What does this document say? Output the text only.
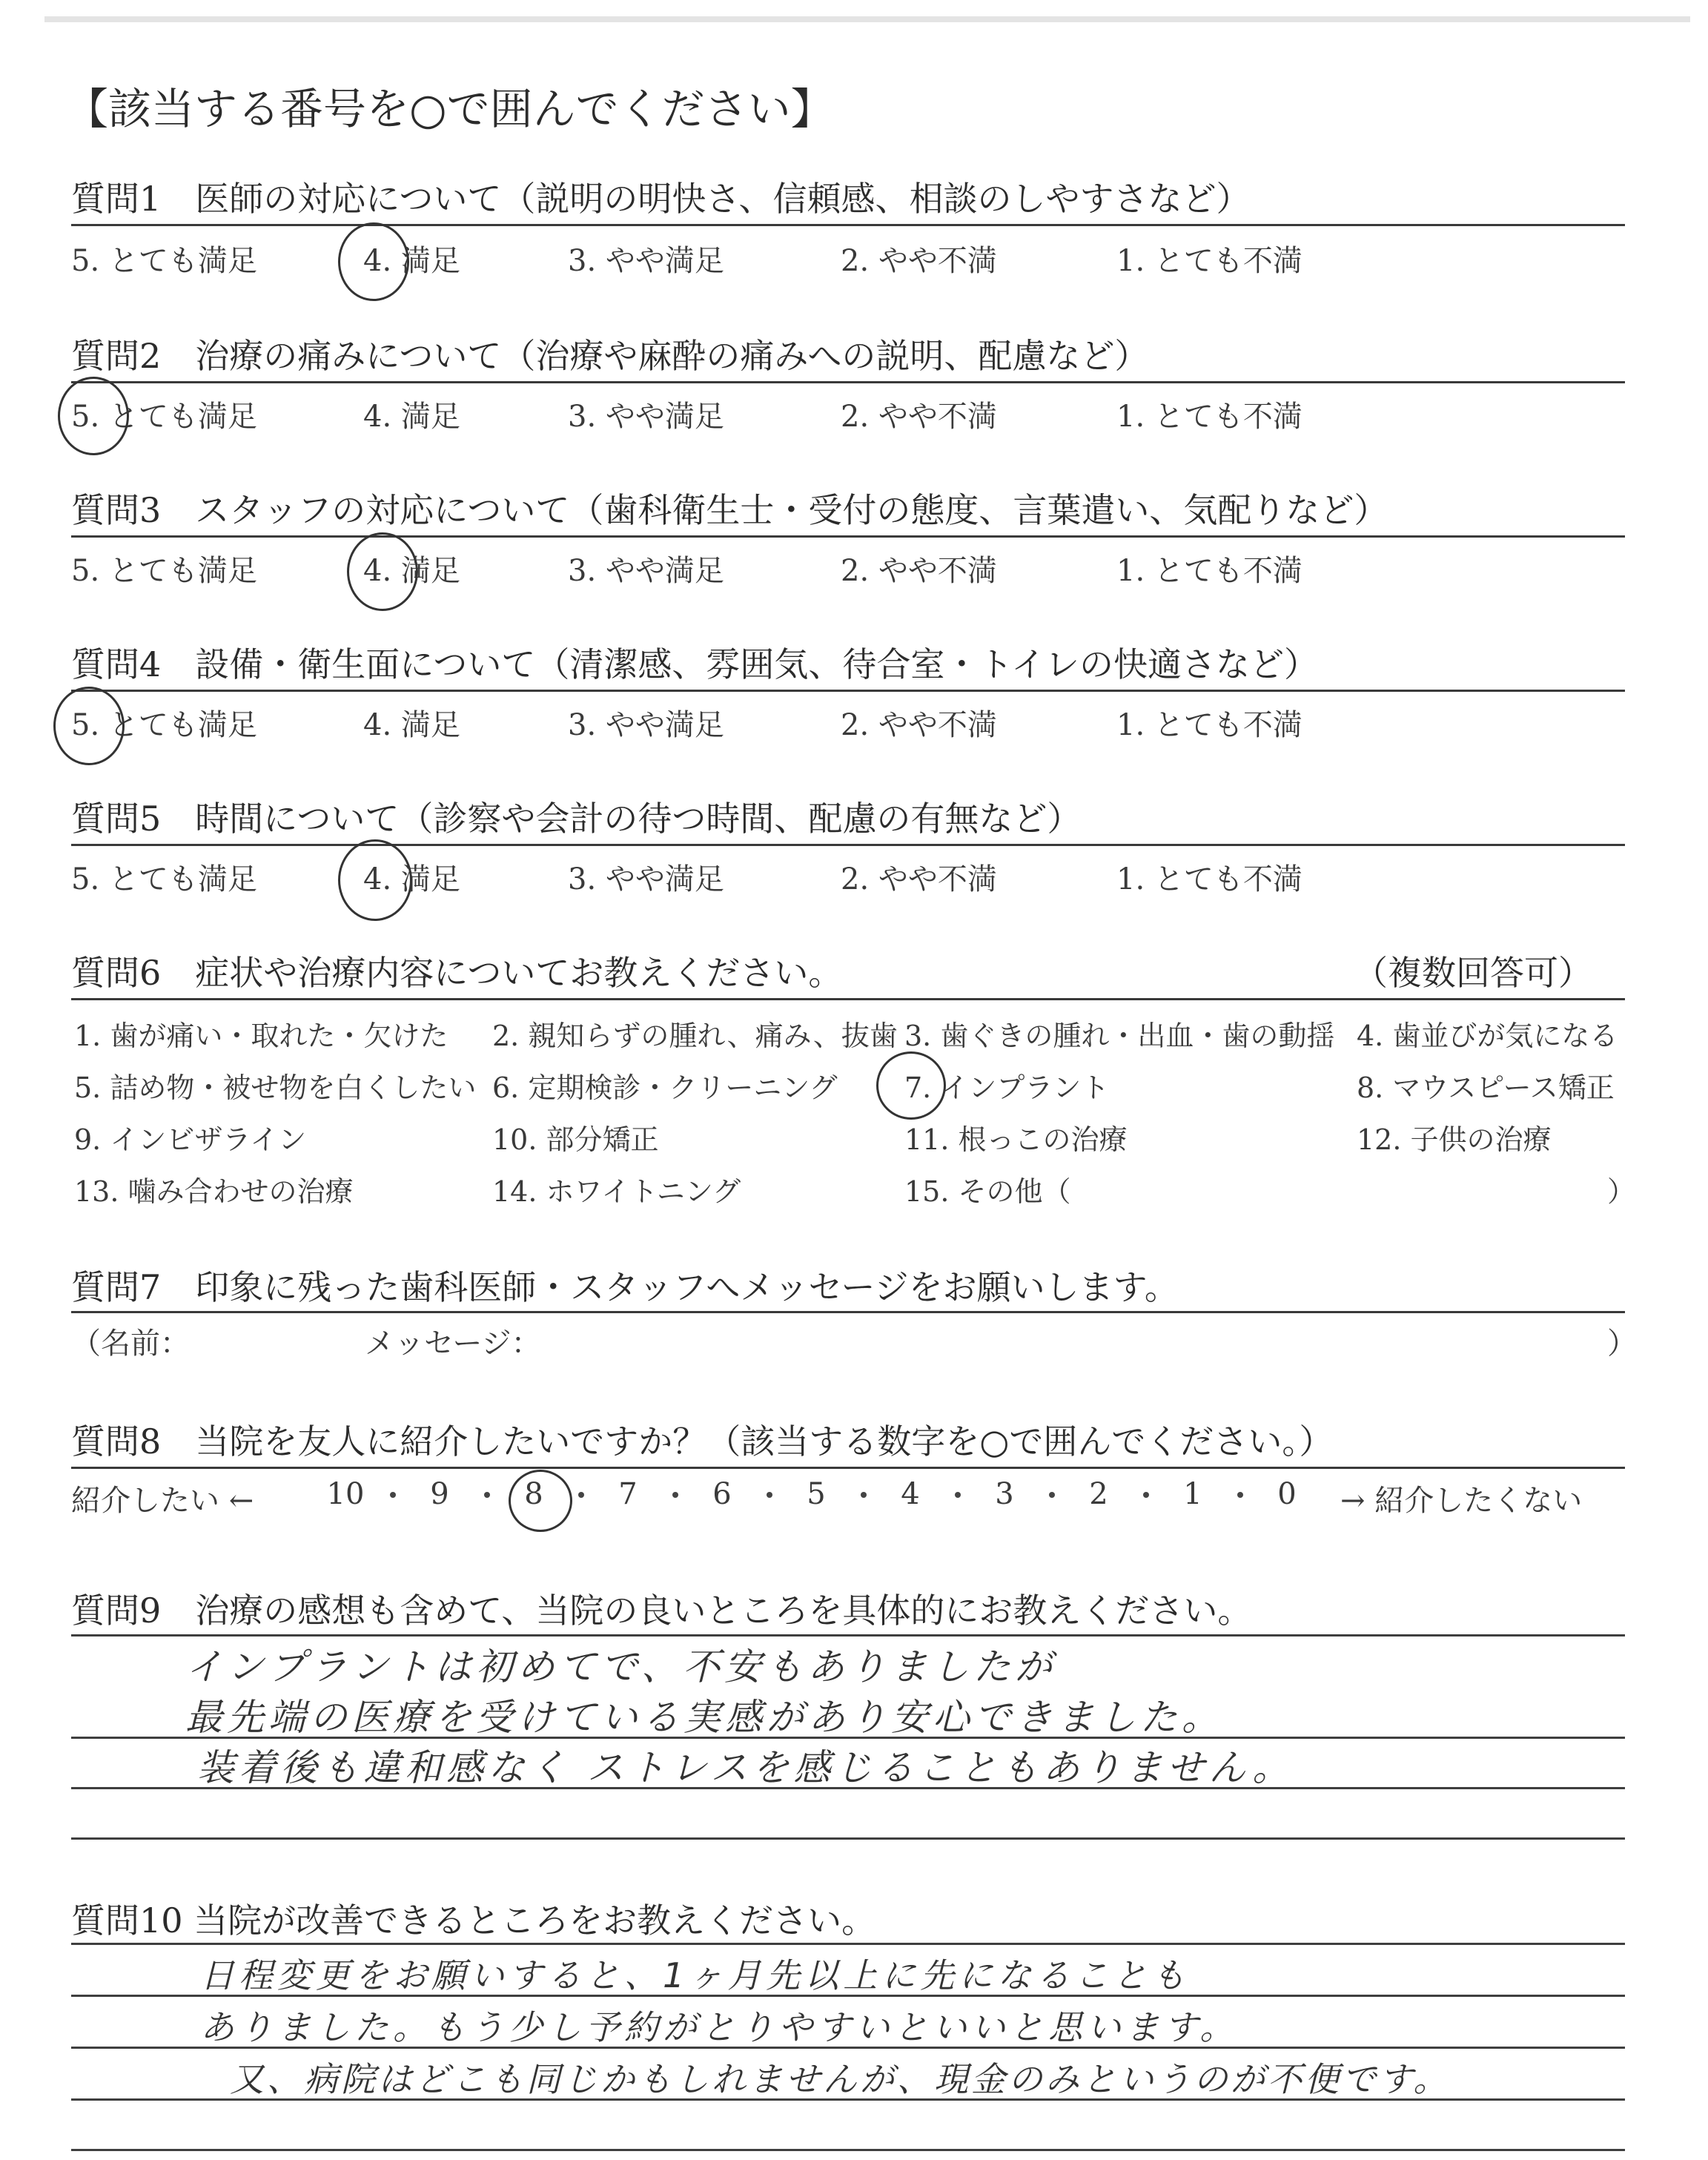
【該当する番号を○で囲んでください】
質問1　医師の対応について（説明の明快さ、信頼感、相談のしやすさなど）
5. とても満足	4. 満足	3. やや満足	2. やや不満	1. とても不満
質問2　治療の痛みについて（治療や麻酔の痛みへの説明、配慮など）
5. とても満足	4. 満足	3. やや満足	2. やや不満	1. とても不満
質問3　スタッフの対応について（歯科衛生士・受付の態度、言葉遣い、気配りなど）
5. とても満足	4. 満足	3. やや満足	2. やや不満	1. とても不満
質問4　設備・衛生面について（清潔感、雰囲気、待合室・トイレの快適さなど）
5. とても満足	4. 満足	3. やや満足	2. やや不満	1. とても不満
質問5　時間について（診察や会計の待つ時間、配慮の有無など）
5. とても満足	4. 満足	3. やや満足	2. やや不満	1. とても不満
質問6　症状や治療内容についてお教えください。	（複数回答可）
1. 歯が痛い・取れた・欠けた 2. 親知らずの腫れ、痛み、抜歯 3. 歯ぐきの腫れ・出血・歯の動揺 4. 歯並びが気になる
5. 詰め物・被せ物を白くしたい 6. 定期検診・クリーニング 7. インプラント	8. マウスピース矯正
9. インビザライン	10. 部分矯正	11. 根っこの治療	12. 子供の治療
13. 噛み合わせの治療	14. ホワイトニング	15. その他（	）
質問7　印象に残った歯科医師・スタッフへメッセージをお願いします。
（名前：	メッセージ：	）
質問8　当院を友人に紹介したいですか？（該当する数字を○で囲んでください。）
紹介したい ← 10	9	8	7	6	5	4	3	2	1	0	→ 紹介したくない
質問9　治療の感想も含めて、当院の良いところを具体的にお教えください。
インプラントは初めてで、不安もありましたが
最先端の医療を受けている実感があり安心できました。
装着後も違和感なく ストレスを感じることもありません。
質問10 当院が改善できるところをお教えください。
日程変更をお願いすると、1ヶ月先以上に先になることも
ありました。もう少し予約がとりやすいといいと思います。
又、病院はどこも同じかもしれませんが、現金のみというのが不便です。
